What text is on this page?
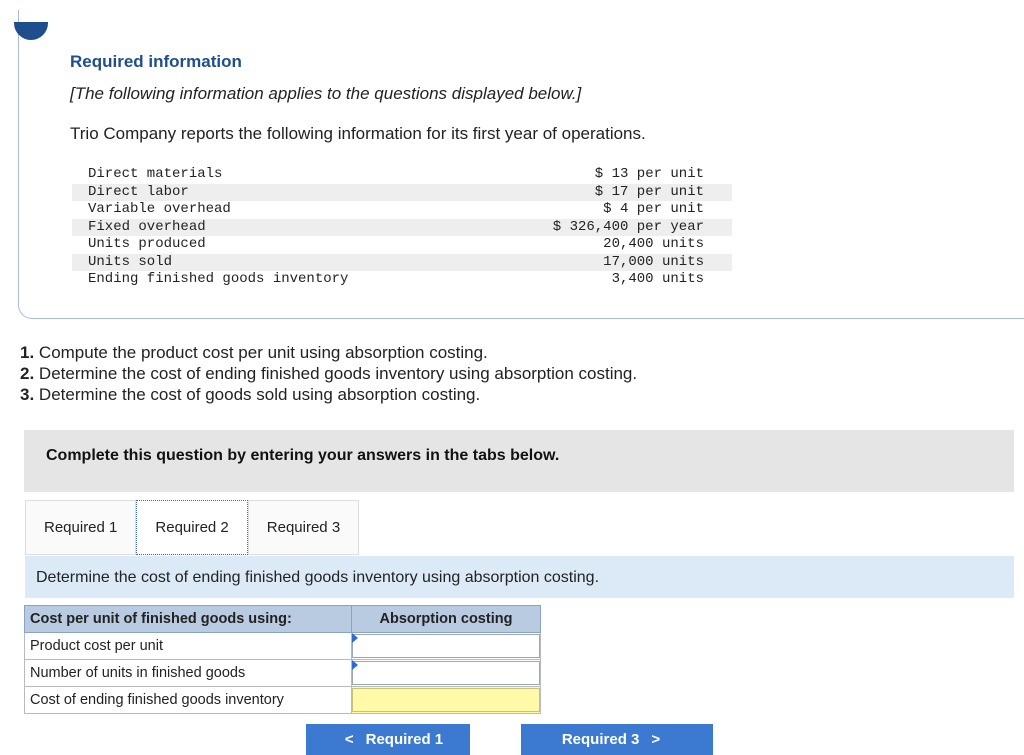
Required information
[The following information applies to the questions displayed below.]
Trio Company reports the following information for its first year of operations.
Direct materials	$ 13 per unit
Direct labor	$ 17 per unit
Variable overhead	$ 4 per unit
Fixed overhead	$ 326,400 per year
Units produced	20,400 units
Units sold	17,000 units
Ending finished goods inventory	3,400 units
1. Compute the product cost per unit using absorption costing.
2. Determine the cost of ending finished goods inventory using absorption costing.
3. Determine the cost of goods sold using absorption costing.
Complete this question by entering your answers in the tabs below.
Required 1	Required 2	Required 3
Determine the cost of ending finished goods inventory using absorption costing.
Cost per unit of finished goods using:	Absorption costing
Product cost per unit	

Number of units in finished goods	

Cost of ending finished goods inventory	
< Required 1	Required 3 >
